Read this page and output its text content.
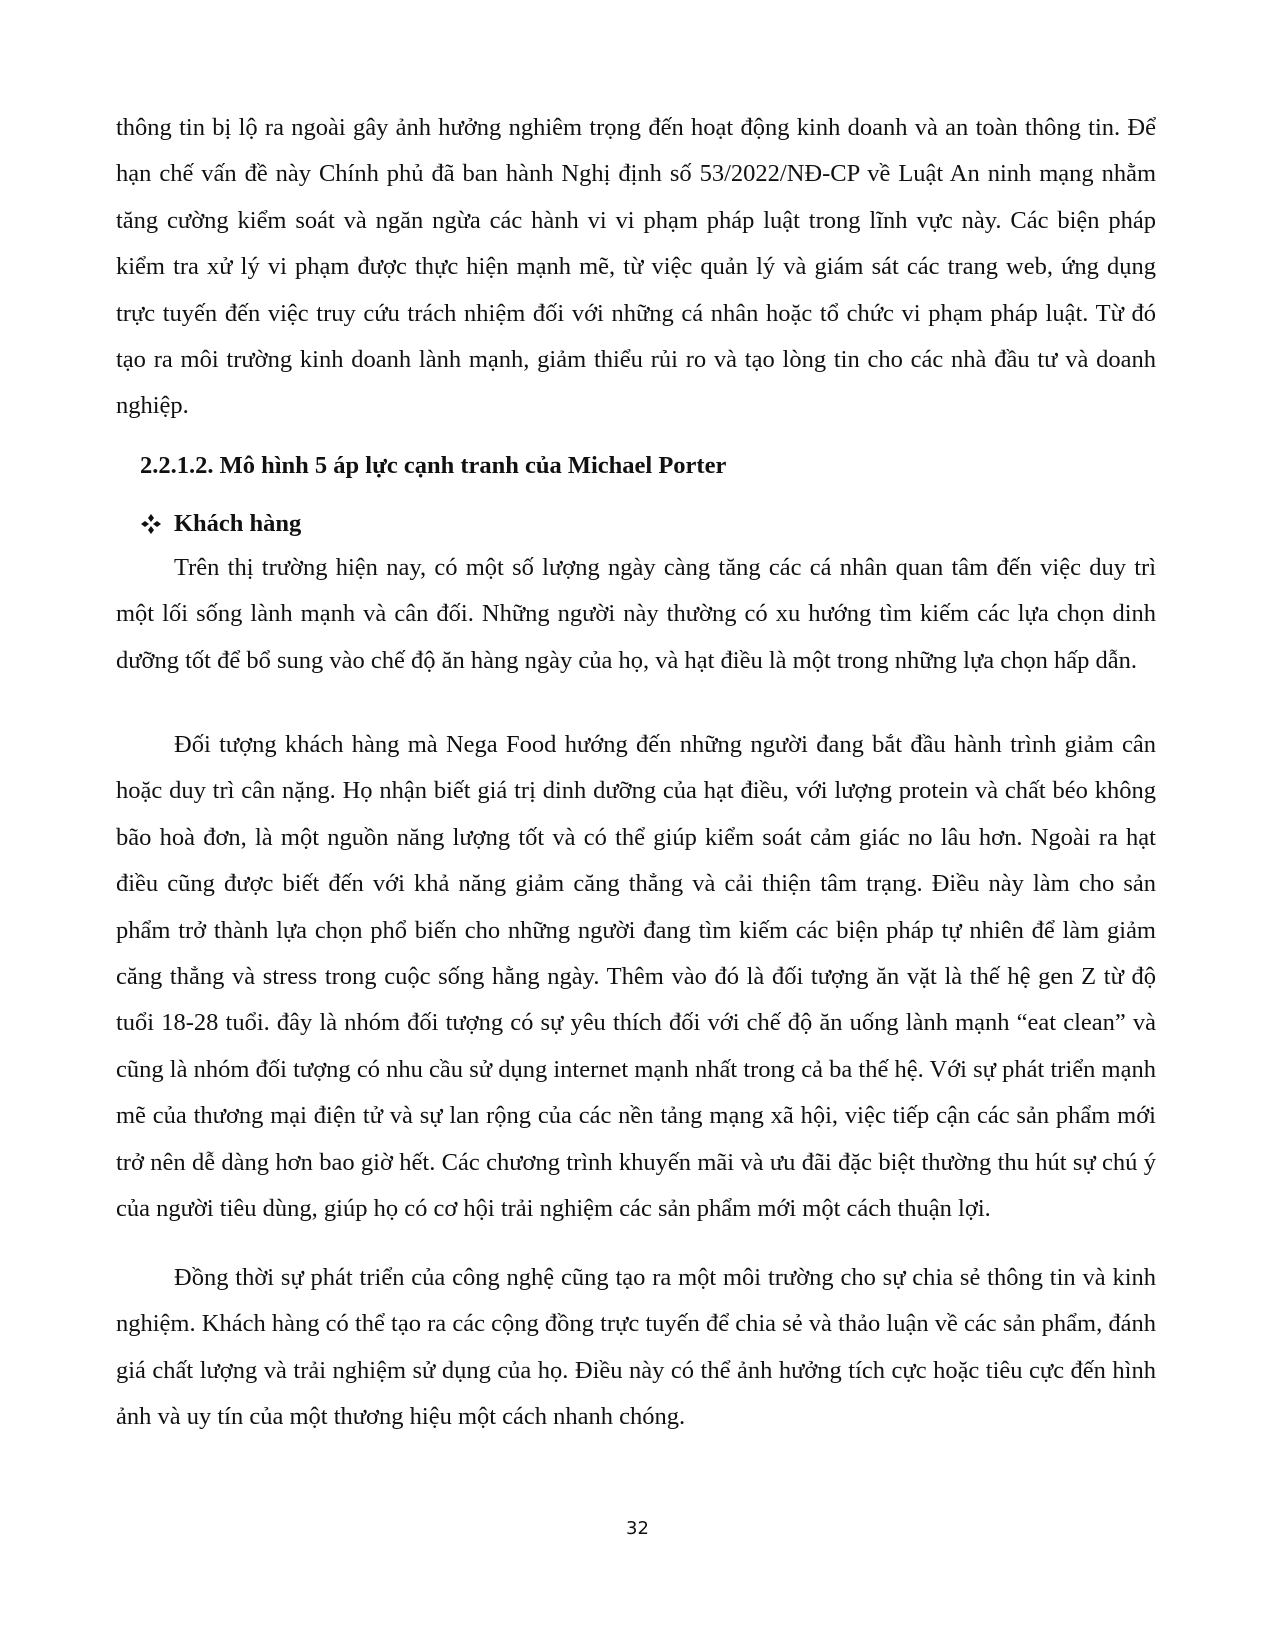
thông tin bị lộ ra ngoài gây ảnh hưởng nghiêm trọng đến hoạt động kinh doanh và an toàn thông tin. Để hạn chế vấn đề này Chính phủ đã ban hành Nghị định số 53/2022/NĐ-CP về Luật An ninh mạng nhằm tăng cường kiểm soát và ngăn ngừa các hành vi vi phạm pháp luật trong lĩnh vực này. Các biện pháp kiểm tra xử lý vi phạm được thực hiện mạnh mẽ, từ việc quản lý và giám sát các trang web, ứng dụng trực tuyến đến việc truy cứu trách nhiệm đối với những cá nhân hoặc tổ chức vi phạm pháp luật. Từ đó tạo ra môi trường kinh doanh lành mạnh, giảm thiểu rủi ro và tạo lòng tin cho các nhà đầu tư và doanh nghiệp.

2.2.1.2. Mô hình 5 áp lực cạnh tranh của Michael Porter
Khách hàng

Trên thị trường hiện nay, có một số lượng ngày càng tăng các cá nhân quan tâm đến việc duy trì một lối sống lành mạnh và cân đối. Những người này thường có xu hướng tìm kiếm các lựa chọn dinh dưỡng tốt để bổ sung vào chế độ ăn hàng ngày của họ, và hạt điều là một trong những lựa chọn hấp dẫn.

Đối tượng khách hàng mà Nega Food hướng đến những người đang bắt đầu hành trình giảm cân hoặc duy trì cân nặng. Họ nhận biết giá trị dinh dưỡng của hạt điều, với lượng protein và chất béo không bão hoà đơn, là một nguồn năng lượng tốt và có thể giúp kiểm soát cảm giác no lâu hơn. Ngoài ra hạt điều cũng được biết đến với khả năng giảm căng thẳng và cải thiện tâm trạng. Điều này làm cho sản phẩm trở thành lựa chọn phổ biến cho những người đang tìm kiếm các biện pháp tự nhiên để làm giảm căng thẳng và stress trong cuộc sống hằng ngày. Thêm vào đó là đối tượng ăn vặt là thế hệ gen Z từ độ tuổi 18-28 tuổi. đây là nhóm đối tượng có sự yêu thích đối với chế độ ăn uống lành mạnh “eat clean” và cũng là nhóm đối tượng có nhu cầu sử dụng internet mạnh nhất trong cả ba thế hệ. Với sự phát triển mạnh mẽ của thương mại điện tử và sự lan rộng của các nền tảng mạng xã hội, việc tiếp cận các sản phẩm mới trở nên dễ dàng hơn bao giờ hết. Các chương trình khuyến mãi và ưu đãi đặc biệt thường thu hút sự chú ý của người tiêu dùng, giúp họ có cơ hội trải nghiệm các sản phẩm mới một cách thuận lợi.

Đồng thời sự phát triển của công nghệ cũng tạo ra một môi trường cho sự chia sẻ thông tin và kinh nghiệm. Khách hàng có thể tạo ra các cộng đồng trực tuyến để chia sẻ và thảo luận về các sản phẩm, đánh giá chất lượng và trải nghiệm sử dụng của họ. Điều này có thể ảnh hưởng tích cực hoặc tiêu cực đến hình ảnh và uy tín của một thương hiệu một cách nhanh chóng.

32
